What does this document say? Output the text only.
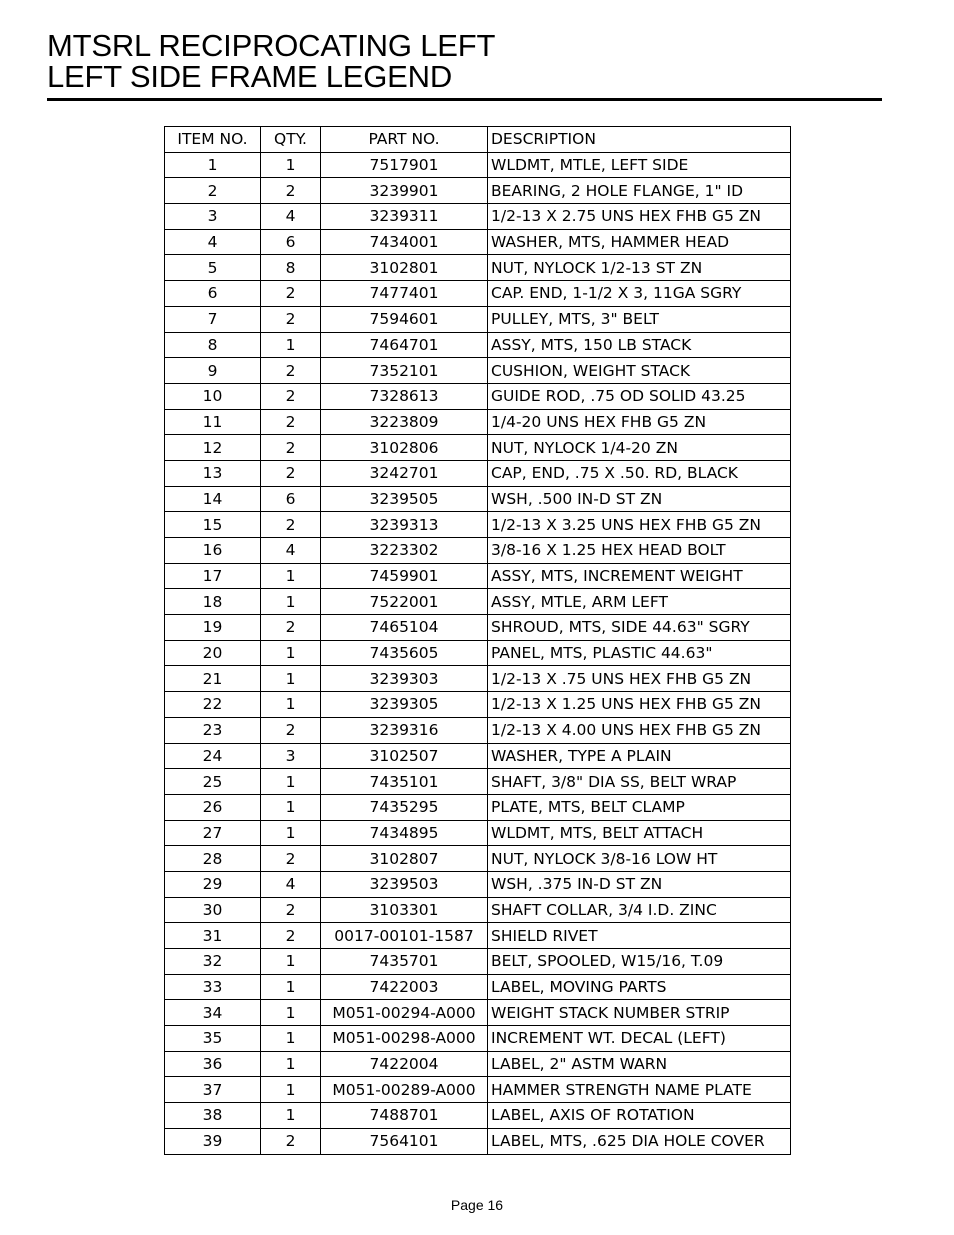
MTSRL RECIPROCATING LEFT
LEFT SIDE FRAME LEGEND
ITEM NO.	QTY.	PART NO.	DESCRIPTION
1	1	7517901	WLDMT, MTLE, LEFT SIDE
2	2	3239901	BEARING, 2 HOLE FLANGE, 1" ID
3	4	3239311	1/2-13 X 2.75 UNS HEX FHB G5 ZN
4	6	7434001	WASHER, MTS, HAMMER HEAD
5	8	3102801	NUT, NYLOCK 1/2-13 ST ZN
6	2	7477401	CAP. END, 1-1/2 X 3, 11GA SGRY
7	2	7594601	PULLEY, MTS, 3" BELT
8	1	7464701	ASSY, MTS, 150 LB STACK
9	2	7352101	CUSHION, WEIGHT STACK
10	2	7328613	GUIDE ROD, .75 OD SOLID 43.25
11	2	3223809	1/4-20 UNS HEX FHB G5 ZN
12	2	3102806	NUT, NYLOCK 1/4-20 ZN
13	2	3242701	CAP, END, .75 X .50. RD, BLACK
14	6	3239505	WSH, .500 IN-D ST ZN
15	2	3239313	1/2-13 X 3.25 UNS HEX FHB G5 ZN
16	4	3223302	3/8-16 X 1.25 HEX HEAD BOLT
17	1	7459901	ASSY, MTS, INCREMENT WEIGHT
18	1	7522001	ASSY, MTLE, ARM LEFT
19	2	7465104	SHROUD, MTS, SIDE 44.63" SGRY
20	1	7435605	PANEL, MTS, PLASTIC 44.63"
21	1	3239303	1/2-13 X .75 UNS HEX FHB G5 ZN
22	1	3239305	1/2-13 X 1.25 UNS HEX FHB G5 ZN
23	2	3239316	1/2-13 X 4.00 UNS HEX FHB G5 ZN
24	3	3102507	WASHER, TYPE A PLAIN
25	1	7435101	SHAFT, 3/8" DIA SS, BELT WRAP
26	1	7435295	PLATE, MTS, BELT CLAMP
27	1	7434895	WLDMT, MTS, BELT ATTACH
28	2	3102807	NUT, NYLOCK 3/8-16 LOW HT
29	4	3239503	WSH, .375 IN-D ST ZN
30	2	3103301	SHAFT COLLAR, 3/4 I.D. ZINC
31	2	0017-00101-1587	SHIELD RIVET
32	1	7435701	BELT, SPOOLED, W15/16, T.09
33	1	7422003	LABEL, MOVING PARTS
34	1	M051-00294-A000	WEIGHT STACK NUMBER STRIP
35	1	M051-00298-A000	INCREMENT WT. DECAL (LEFT)
36	1	7422004	LABEL, 2" ASTM WARN
37	1	M051-00289-A000	HAMMER STRENGTH NAME PLATE
38	1	7488701	LABEL, AXIS OF ROTATION
39	2	7564101	LABEL, MTS, .625 DIA HOLE COVER
Page 16
